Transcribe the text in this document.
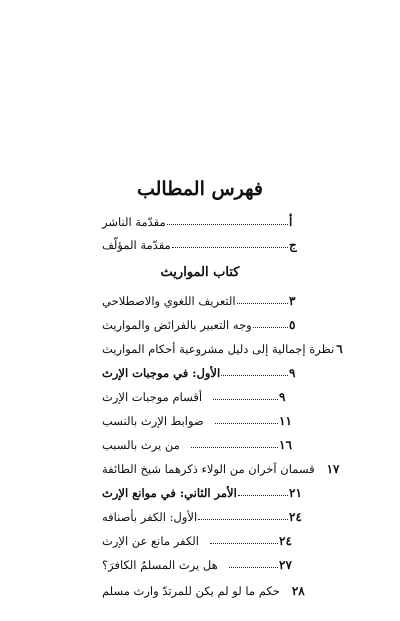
فهرس المطالب
مقدّمة الناشر	أ
مقدّمة المؤلّف	ج
كتاب المواريث
التعريف اللغوي والاصطلاحي	٣
وجه التعبير بالفرائض والمواريث	٥
نظرة إجمالية إلى دليل مشروعية أحكام المواريث ٦
الأول: في موجبات الإرث	٩
أقسام موجبات الإرث	٩
ضوابط الإرث بالنسب	١١
من يرث بالسبب	١٦
قسمان آخران من الولاء ذكرهما شيخ الطائفة ١٧
الأمر الثاني: في موانع الإرث	٢١
الأول: الكفر بأصنافه	٢٤
الكفر مانع عن الإرث	٢٤
هل يرث المسلمُ الكافرَ؟	٢٧
حكم ما لو لم يكن للمرتدّ وارث مسلم ٢٨
